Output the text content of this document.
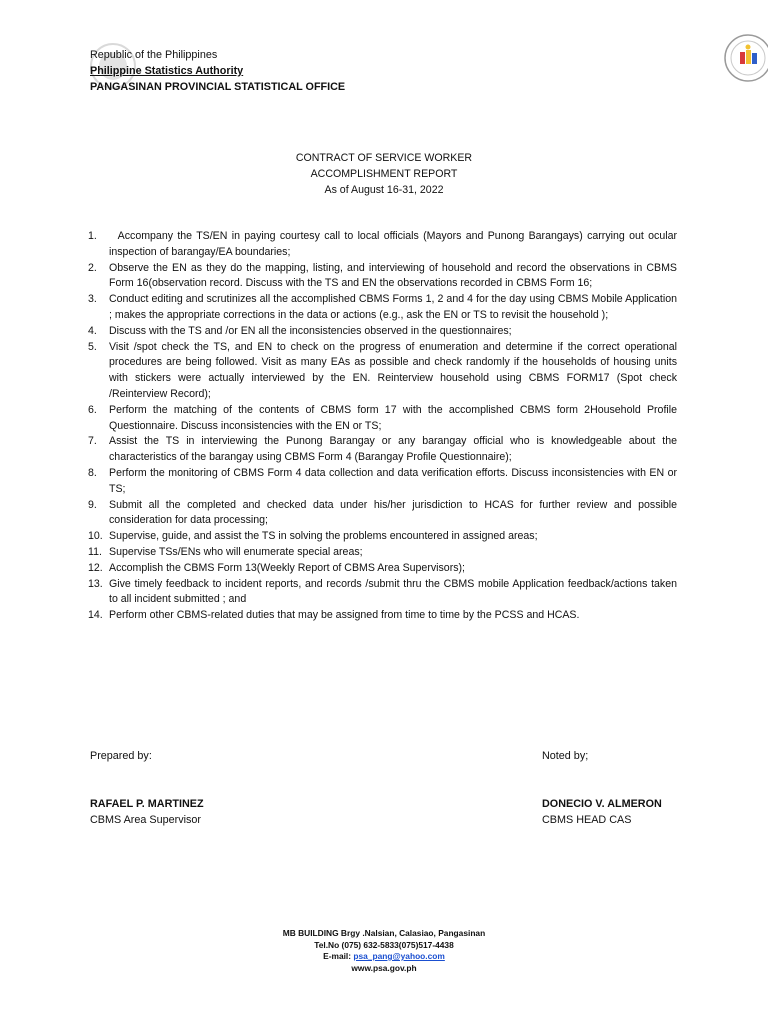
Republic of the Philippines
Philippine Statistics Authority
PANGASINAN PROVINCIAL STATISTICAL OFFICE
CONTRACT OF SERVICE WORKER
ACCOMPLISHMENT REPORT
As of August 16-31, 2022
1. Accompany the TS/EN in paying courtesy call to local officials (Mayors and Punong Barangays) carrying out ocular inspection of barangay/EA boundaries;
2. Observe the EN as they do the mapping, listing, and interviewing of household and record the observations in CBMS Form 16(observation record. Discuss with the TS and EN the observations recorded in CBMS Form 16;
3. Conduct editing and scrutinizes all the accomplished CBMS Forms 1, 2 and 4 for the day using CBMS Mobile Application ; makes the appropriate corrections in the data or actions (e.g., ask the EN or TS to revisit the household );
4. Discuss with the TS and /or EN all the inconsistencies observed in the questionnaires;
5. Visit /spot check the TS, and EN to check on the progress of enumeration and determine if the correct operational procedures are being followed. Visit as many EAs as possible and check randomly if the households of housing units with stickers were actually interviewed by the EN. Reinterview household using CBMS FORM17 (Spot check /Reinterview Record);
6. Perform the matching of the contents of CBMS form 17 with the accomplished CBMS form 2Household Profile Questionnaire. Discuss inconsistencies with the EN or TS;
7. Assist the TS in interviewing the Punong Barangay or any barangay official who is knowledgeable about the characteristics of the barangay using CBMS Form 4 (Barangay Profile Questionnaire);
8. Perform the monitoring of CBMS Form 4 data collection and data verification efforts. Discuss inconsistencies with EN or TS;
9. Submit all the completed and checked data under his/her jurisdiction to HCAS for further review and possible consideration for data processing;
10. Supervise, guide, and assist the TS in solving the problems encountered in assigned areas;
11. Supervise TSs/ENs who will enumerate special areas;
12. Accomplish the CBMS Form 13(Weekly Report of CBMS Area Supervisors);
13. Give timely feedback to incident reports, and records /submit thru the CBMS mobile Application feedback/actions taken to all incident submitted ; and
14. Perform other CBMS-related duties that may be assigned from time to time by the PCSS and HCAS.
Prepared by:	Noted by;
RAFAEL P. MARTINEZ
CBMS Area Supervisor
DONECIO V. ALMERON
CBMS HEAD CAS
MB BUILDING Brgy .Nalsian, Calasiao, Pangasinan
Tel.No (075) 632-5833(075)517-4438
E-mail: psa_pang@yahoo.com
www.psa.gov.ph
